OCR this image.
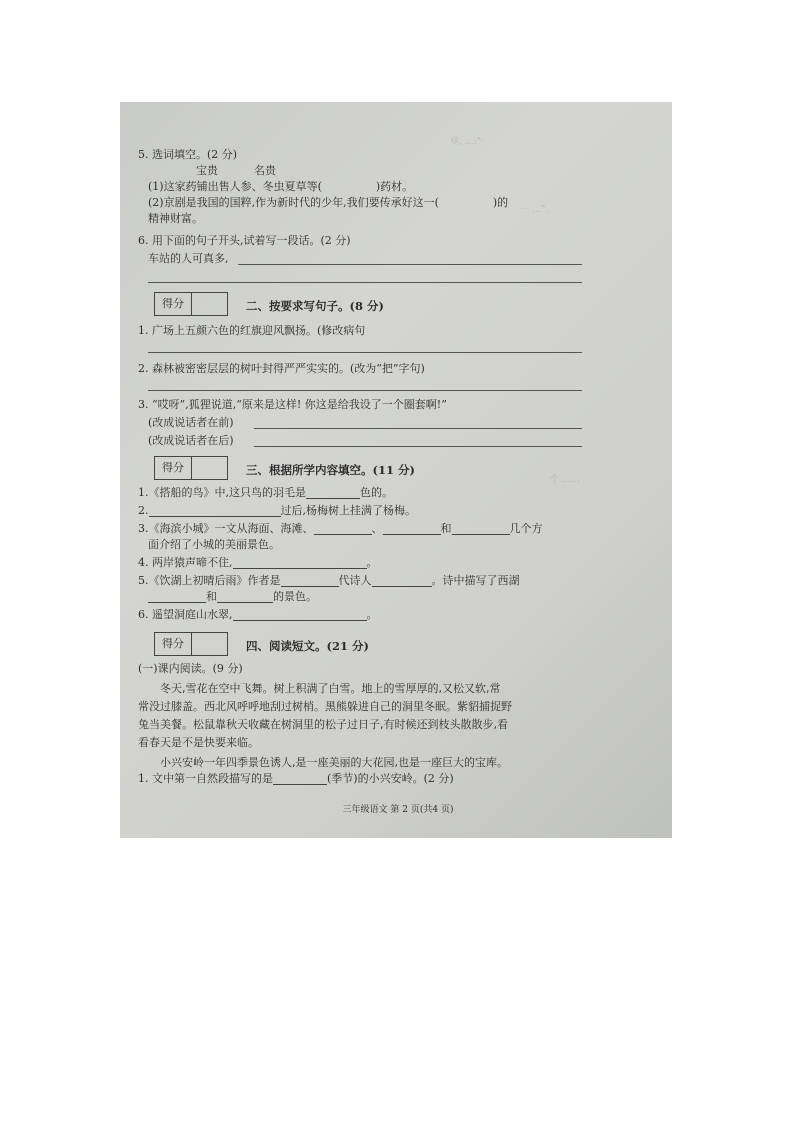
·“:… ,岁
.”… 一
…… 个
5. 选词填空。(2 分)
宝贵	名贵
(1)这家药铺出售人参、冬虫夏草等(	)药材。
(2)京剧是我国的国粹,作为新时代的少年,我们要传承好这一(	)的
精神财富。
6. 用下面的句子开头,试着写一段话。(2 分)
车站的人可真多,
得分	二、按要求写句子。(8 分)
1. 广场上五颜六色的红旗迎风飘扬。(修改病句
2. 森林被密密层层的树叶封得严严实实的。(改为“把”字句)
3. “哎呀”,狐狸说道,“原来是这样! 你这是给我设了一个圈套啊!”
(改成说话者在前)
(改成说话者在后)
得分	三、根据所学内容填空。(11 分)
1.《搭船的鸟》中,这只鸟的羽毛是	色的。
2.	过后,杨梅树上挂满了杨梅。
3.《海滨小城》一文从海面、海滩、	、	和	几个方
面介绍了小城的美丽景色。
4. 两岸猿声啼不住,	。
5.《饮湖上初晴后雨》作者是	代诗人	。诗中描写了西湖
和	的景色。
6. 遥望洞庭山水翠,	。
得分	四、阅读短文。(21 分)
(一)课内阅读。(9 分)
冬天,雪花在空中飞舞。树上积满了白雪。地上的雪厚厚的,又松又软,常
常没过膝盖。西北风呼呼地刮过树梢。黑熊躲进自己的洞里冬眠。紫貂捕捉野
兔当美餐。松鼠靠秋天收藏在树洞里的松子过日子,有时候还到枝头散散步,看
看春天是不是快要来临。
小兴安岭一年四季景色诱人,是一座美丽的大花园,也是一座巨大的宝库。
1. 文中第一自然段描写的是	(季节)的小兴安岭。(2 分)
三年级语文 第 2 页(共4 页)
